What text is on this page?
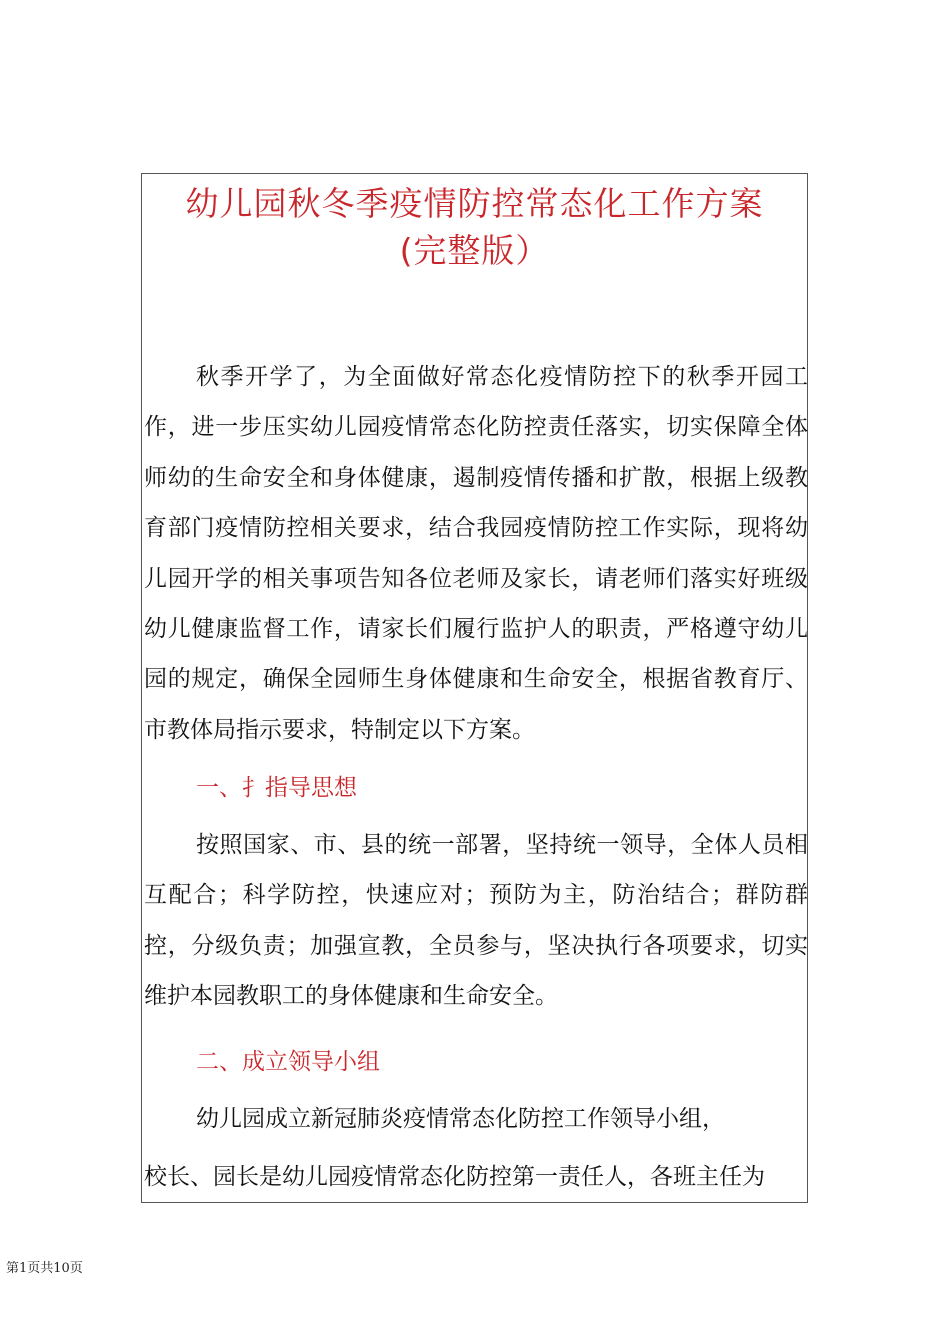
幼儿园秋冬季疫情防控常态化工作方案
(完整版）

秋季开学了，为全面做好常态化疫情防控下的秋季开园工作，进一步压实幼儿园疫情常态化防控责任落实，切实保障全体师幼的生命安全和身体健康，遏制疫情传播和扩散，根据上级教育部门疫情防控相关要求，结合我园疫情防控工作实际，现将幼儿园开学的相关事项告知各位老师及家长，请老师们落实好班级幼儿健康监督工作，请家长们履行监护人的职责，严格遵守幼儿园的规定，确保全园师生身体健康和生命安全，根据省教育厅、市教体局指示要求，特制定以下方案。

一、扌指导思想

按照国家、市、县的统一部署，坚持统一领导，全体人员相互配合；科学防控，快速应对；预防为主，防治结合；群防群控，分级负责；加强宣教，全员参与，坚决执行各项要求，切实维护本园教职工的身体健康和生命安全。

二、成立领导小组
幼儿园成立新冠肺炎疫情常态化防控工作领导小组，
校长、园长是幼儿园疫情常态化防控第一责任人，各班主任为
第1页共10页
